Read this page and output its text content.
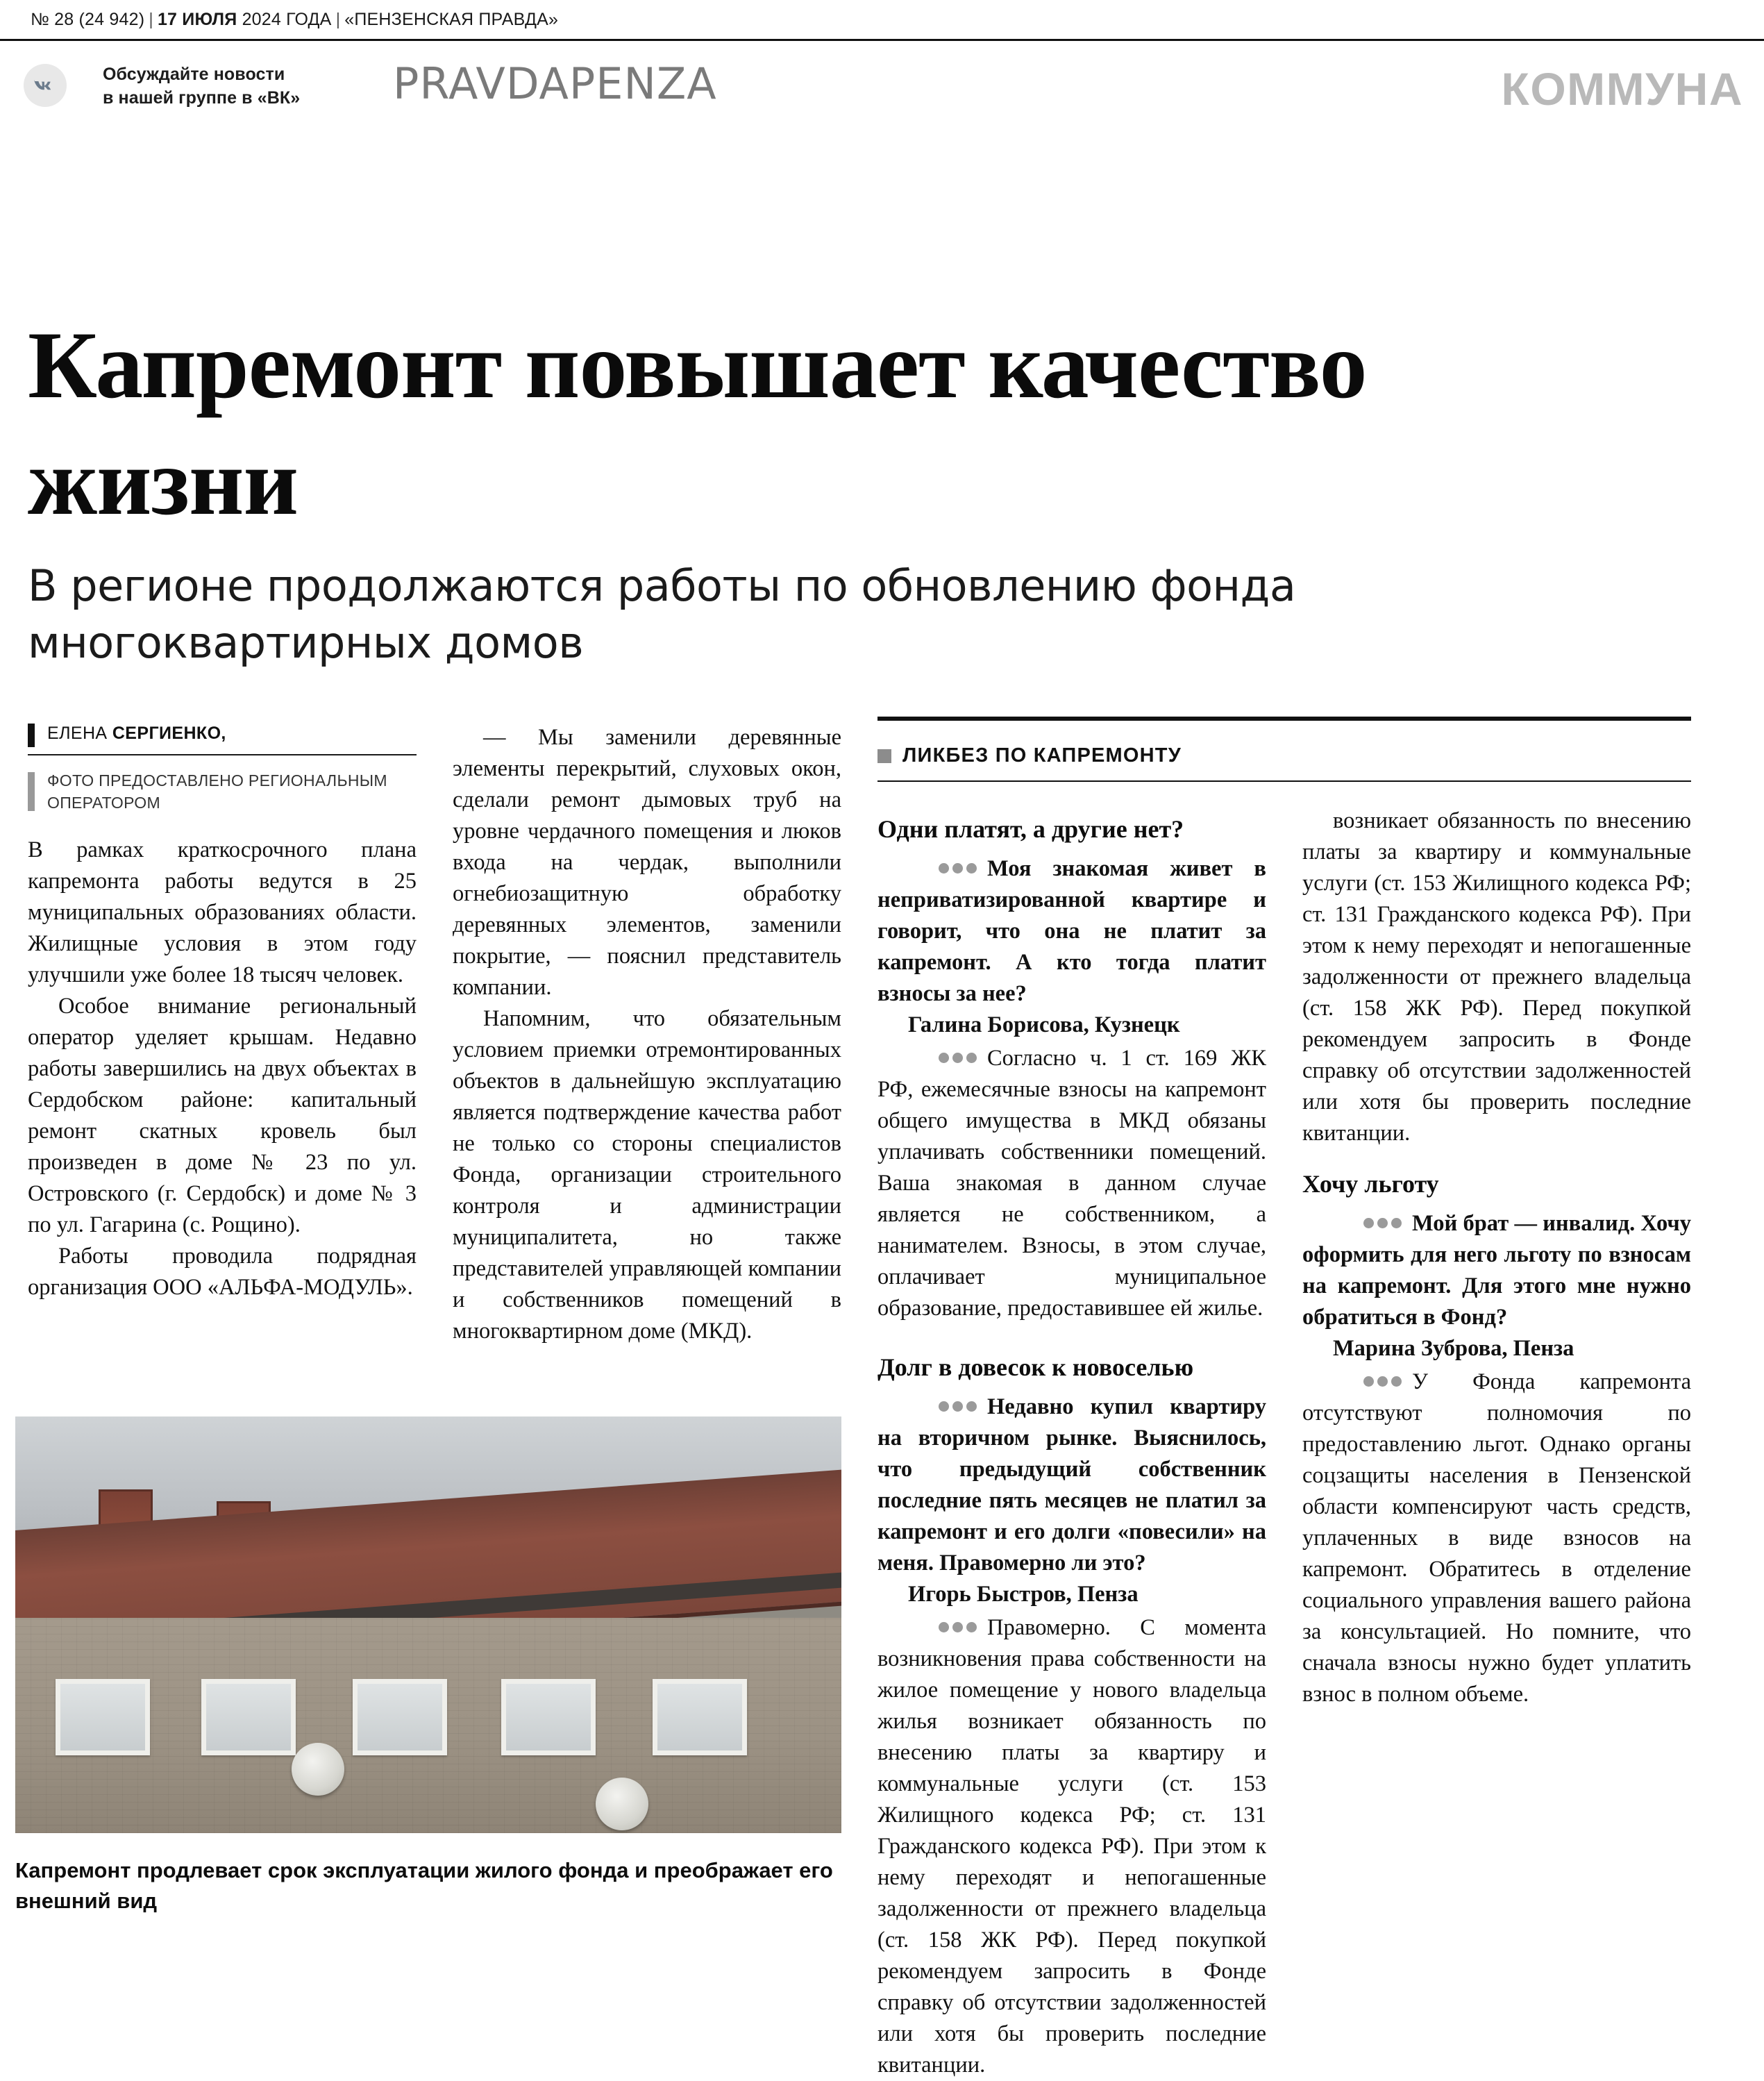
№ 28 (24 942) | 17 ИЮЛЯ 2024 ГОДА | «ПЕНЗЕНСКАЯ ПРАВДА»
Обсуждайте новости
в нашей группе в «ВК» PRAVDAPENZA	КОММУНА
Капремонт повышает качество жизни
В регионе продолжаются работы по обновлению фонда многоквартирных домов
ЕЛЕНА СЕРГИЕНКО,
ФОТО ПРЕДОСТАВЛЕНО РЕГИОНАЛЬНЫМ ОПЕРАТОРОМ

В рамках краткосрочного плана капремонта работы ведутся в 25 муниципальных образованиях области. Жилищные условия в этом году улучшили уже более 18 тысяч человек.

Особое внимание региональный оператор уделяет крышам. Недавно работы завершились на двух объектах в Сердобском районе: капитальный ремонт скатных кровель был произведен в доме № 23 по ул. Островского (г. Сердобск) и доме № 3 по ул. Гагарина (с. Рощино).

Работы проводила подрядная организация ООО «АЛЬФА-МОДУЛЬ».

— Мы заменили деревянные элементы перекрытий, слуховых окон, сделали ремонт дымовых труб на уровне чердачного помещения и люков входа на чердак, выполнили огнебиозащитную обработку деревянных элементов, заменили покрытие, — пояснил представитель компании.

Напомним, что обязательным условием приемки отремонтированных объектов в дальнейшую эксплуатацию является подтверждение качества работ не только со стороны специалистов Фонда, организации строительного контроля и администрации муниципалитета, но также представителей управляющей компании и собственников помещений в многоквартирном доме (МКД).

ЛИКБЕЗ ПО КАПРЕМОНТУ
Одни платят, а другие нет?

Моя знакомая живет в неприватизированной квартире и говорит, что она не платит за капремонт. А кто тогда платит взносы за нее?

Галина Борисова, Кузнецк

Согласно ч. 1 ст. 169 ЖК РФ, ежемесячные взносы на капремонт общего имущества в МКД обязаны уплачивать собственники помещений. Ваша знакомая в данном случае является не собственником, а нанимателем. Взносы, в этом случае, оплачивает муниципальное образование, предоставившее ей жилье.

Долг в довесок к новоселью

Недавно купил квартиру на вторичном рынке. Выяснилось, что предыдущий собственник последние пять месяцев не платил за капремонт и его долги «повесили» на меня. Правомерно ли это?

Игорь Быстров, Пенза

Правомерно. С момента возникновения права собственности на жилое помещение у нового владельца жилья возникает обязанность по внесению платы за квартиру и коммунальные услуги (ст. 153 Жилищного кодекса РФ; ст. 131 Гражданского кодекса РФ). При этом к нему переходят и непогашенные задолженности от прежнего владельца (ст. 158 ЖК РФ). Перед покупкой рекомендуем запросить в Фонде справку об отсутствии задолженностей или хотя бы проверить последние квитанции.

возникает обязанность по внесению платы за квартиру и коммунальные услуги (ст. 153 Жилищного кодекса РФ; ст. 131 Гражданского кодекса РФ). При этом к нему переходят и непогашенные задолженности от прежнего владельца (ст. 158 ЖК РФ). Перед покупкой рекомендуем запросить в Фонде справку об отсутствии задолженностей или хотя бы проверить последние квитанции.

Хочу льготу

Мой брат — инвалид. Хочу оформить для него льготу по взносам на капремонт. Для этого мне нужно обратиться в Фонд?

Марина Зуброва, Пенза

У Фонда капремонта отсутствуют полномочия по предоставлению льгот. Однако органы соцзащиты населения в Пензенской области компенсируют часть средств, уплаченных в виде взносов на капремонт. Обратитесь в отделение социального управления вашего района за консультацией. Но помните, что сначала взносы нужно будет уплатить взнос в полном объеме.

Капремонт продлевает срок эксплуатации жилого фонда и преображает его внешний вид
